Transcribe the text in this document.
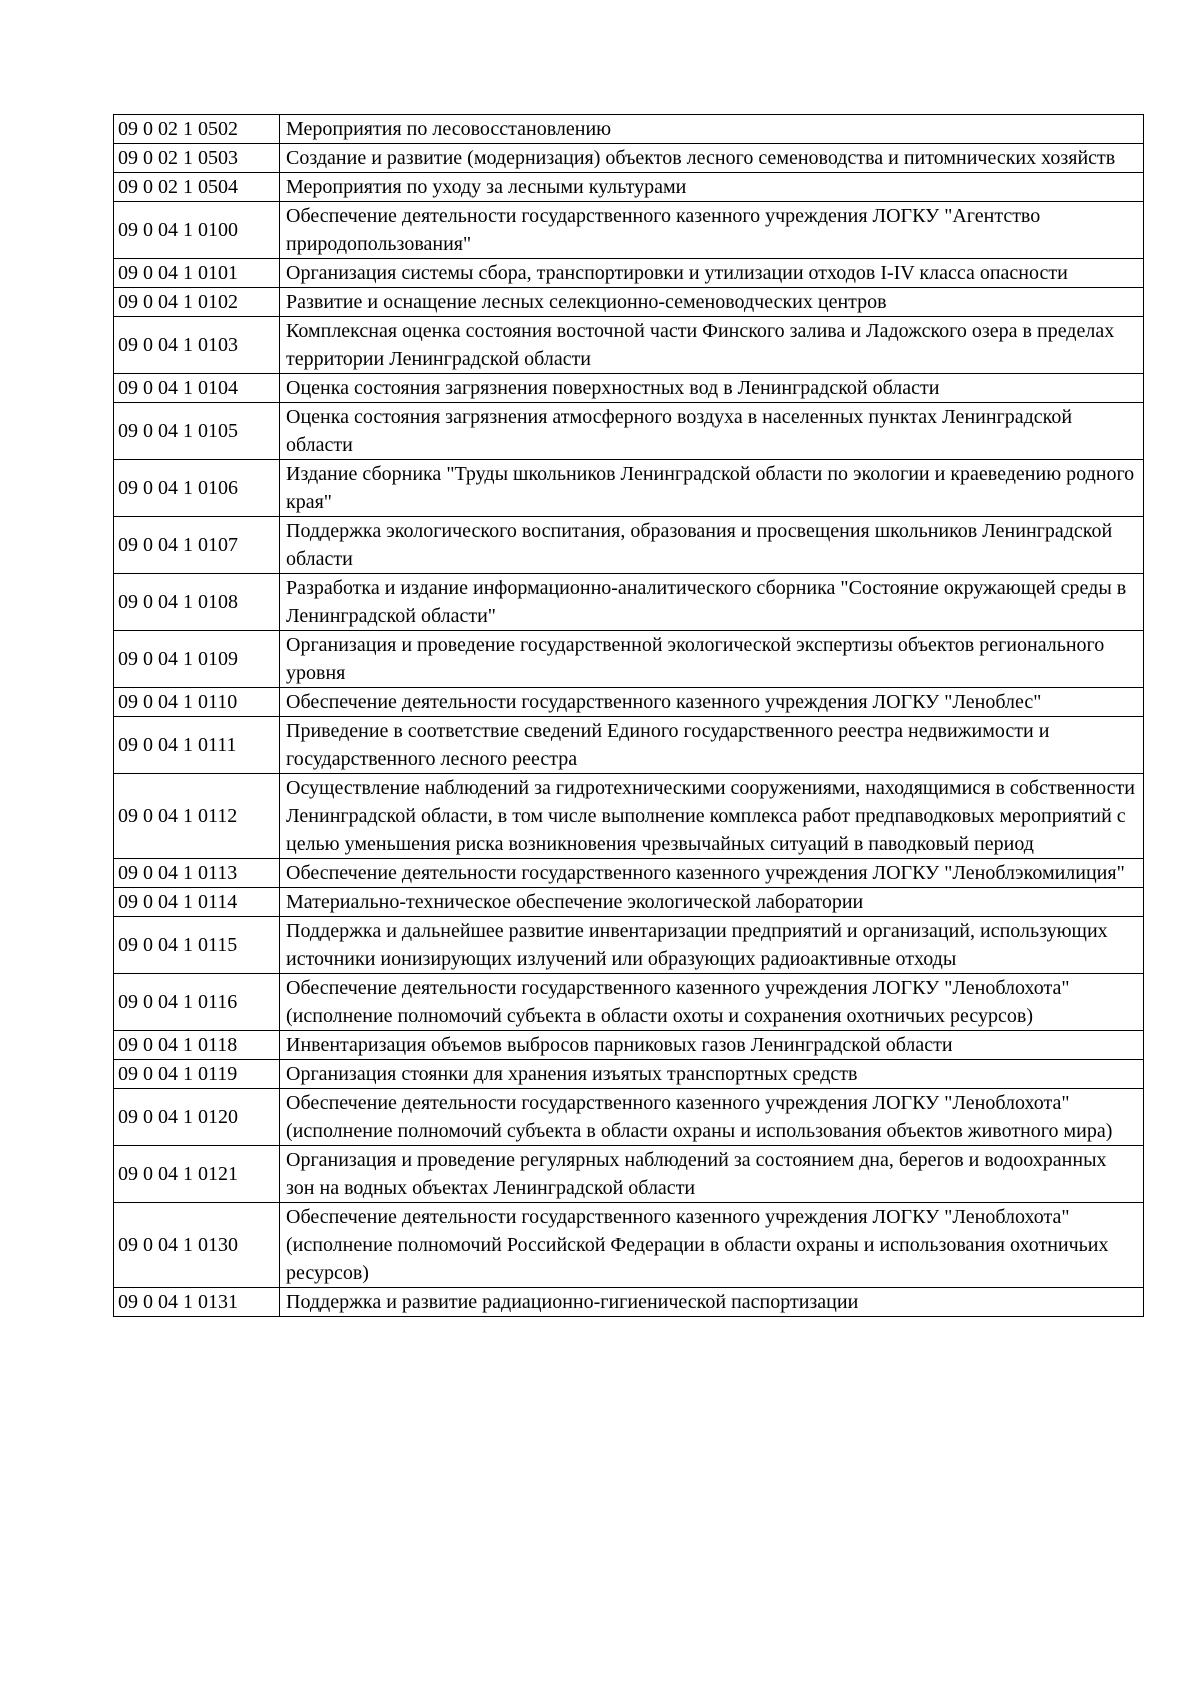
09 0 02 1 0502	Мероприятия по лесовосстановлению
09 0 02 1 0503	Создание и развитие (модернизация) объектов лесного семеноводства и питомнических хозяйств
09 0 02 1 0504	Мероприятия по уходу за лесными культурами
09 0 04 1 0100	Обеспечение деятельности государственного казенного учреждения ЛОГКУ "Агентство природопользования"
09 0 04 1 0101	Организация системы сбора, транспортировки и утилизации отходов I-IV класса опасности
09 0 04 1 0102	Развитие и оснащение лесных селекционно-семеноводческих центров
09 0 04 1 0103	Комплексная оценка состояния восточной части Финского залива и Ладожского озера в пределах территории Ленинградской области
09 0 04 1 0104	Оценка состояния загрязнения поверхностных вод в Ленинградской области
09 0 04 1 0105	Оценка состояния загрязнения атмосферного воздуха в населенных пунктах Ленинградской области
09 0 04 1 0106	Издание сборника "Труды школьников Ленинградской области по экологии и краеведению родного края"
09 0 04 1 0107	Поддержка экологического воспитания, образования и просвещения школьников Ленинградской области
09 0 04 1 0108	Разработка и издание информационно-аналитического сборника "Состояние окружающей среды в Ленинградской области"
09 0 04 1 0109	Организация и проведение государственной экологической экспертизы объектов регионального уровня
09 0 04 1 0110	Обеспечение деятельности государственного казенного учреждения ЛОГКУ "Леноблес"
09 0 04 1 0111	Приведение в соответствие сведений Единого государственного реестра недвижимости и государственного лесного реестра
09 0 04 1 0112	Осуществление наблюдений за гидротехническими сооружениями, находящимися в собственности Ленинградской области, в том числе выполнение комплекса работ предпаводковых мероприятий с целью уменьшения риска возникновения чрезвычайных ситуаций в паводковый период
09 0 04 1 0113	Обеспечение деятельности государственного казенного учреждения ЛОГКУ "Леноблэкомилиция"
09 0 04 1 0114	Материально-техническое обеспечение экологической лаборатории
09 0 04 1 0115	Поддержка и дальнейшее развитие инвентаризации предприятий и организаций, использующих источники ионизирующих излучений или образующих радиоактивные отходы
09 0 04 1 0116	Обеспечение деятельности государственного казенного учреждения ЛОГКУ "Леноблохота" (исполнение полномочий субъекта в области охоты и сохранения охотничьих ресурсов)
09 0 04 1 0118	Инвентаризация объемов выбросов парниковых газов Ленинградской области
09 0 04 1 0119	Организация стоянки для хранения изъятых транспортных средств
09 0 04 1 0120	Обеспечение деятельности государственного казенного учреждения ЛОГКУ "Леноблохота" (исполнение полномочий субъекта в области охраны и использования объектов животного мира)
09 0 04 1 0121	Организация и проведение регулярных наблюдений за состоянием дна, берегов и водоохранных зон на водных объектах Ленинградской области
09 0 04 1 0130	Обеспечение деятельности государственного казенного учреждения ЛОГКУ "Леноблохота" (исполнение полномочий Российской Федерации в области охраны и использования охотничьих ресурсов)
09 0 04 1 0131	Поддержка и развитие радиационно-гигиенической паспортизации
